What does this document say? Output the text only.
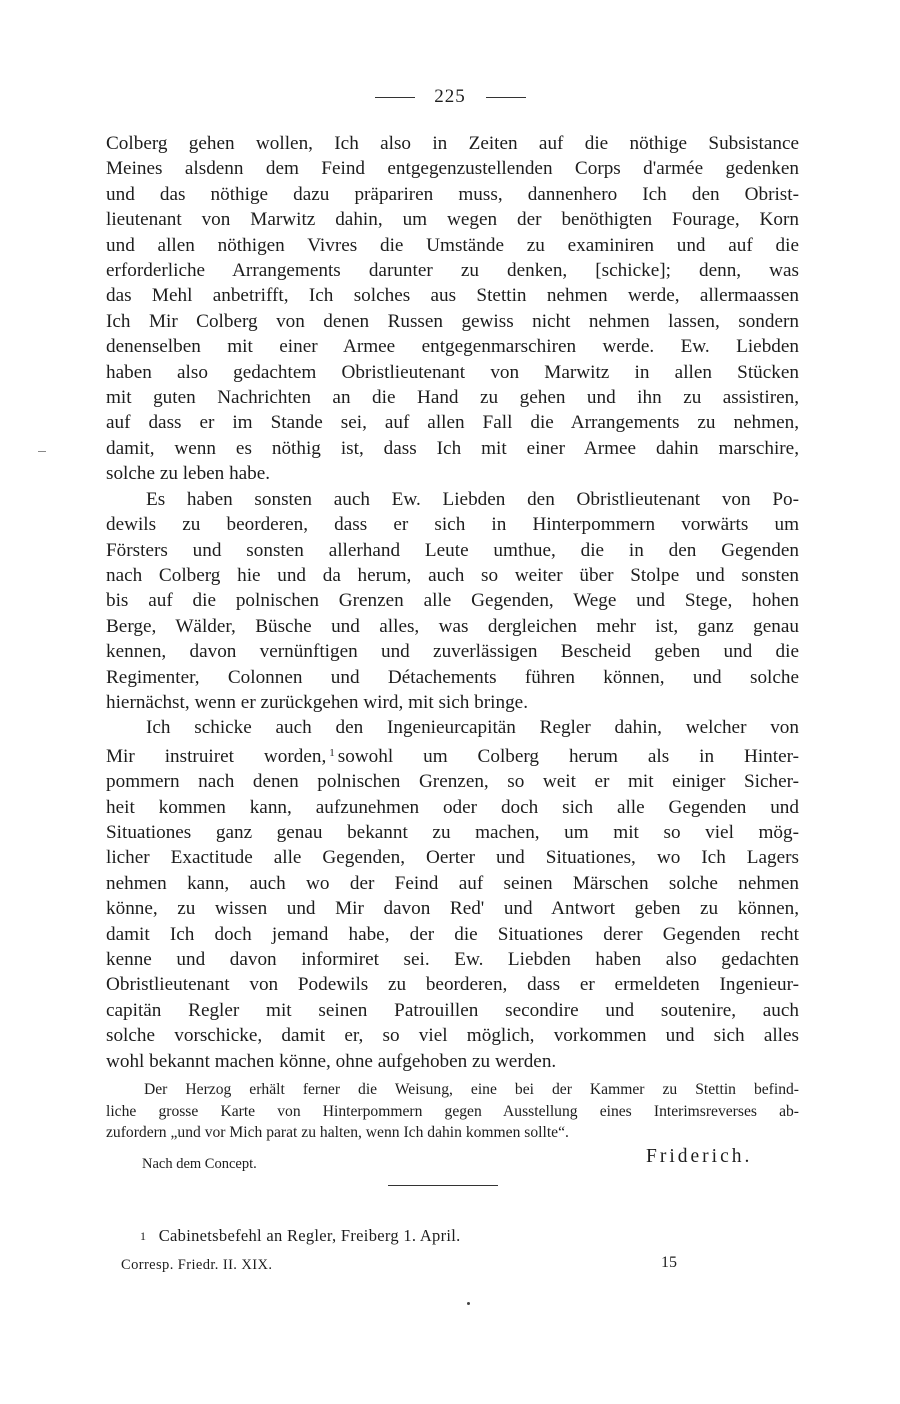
225

Colberg gehen wollen, Ich also in Zeiten auf die nöthige Subsistance
Meines alsdenn dem Feind entgegenzustellenden Corps d'armée gedenken
und das nöthige dazu präpariren muss, dannenhero Ich den Obrist-
lieutenant von Marwitz dahin, um wegen der benöthigten Fourage, Korn
und allen nöthigen Vivres die Umstände zu examiniren und auf die
erforderliche Arrangements darunter zu denken, [schicke]; denn, was
das Mehl anbetrifft, Ich solches aus Stettin nehmen werde, allermaassen
Ich Mir Colberg von denen Russen gewiss nicht nehmen lassen, sondern
denenselben mit einer Armee entgegenmarschiren werde. Ew. Liebden
haben also gedachtem Obristlieutenant von Marwitz in allen Stücken
mit guten Nachrichten an die Hand zu gehen und ihn zu assistiren,
auf dass er im Stande sei, auf allen Fall die Arrangements zu nehmen,
damit, wenn es nöthig ist, dass Ich mit einer Armee dahin marschire,
solche zu leben habe.

Es haben sonsten auch Ew. Liebden den Obristlieutenant von Po-
dewils zu beorderen, dass er sich in Hinterpommern vorwärts um
Försters und sonsten allerhand Leute umthue, die in den Gegenden
nach Colberg hie und da herum, auch so weiter über Stolpe und sonsten
bis auf die polnischen Grenzen alle Gegenden, Wege und Stege, hohen
Berge, Wälder, Büsche und alles, was dergleichen mehr ist, ganz genau
kennen, davon vernünftigen und zuverlässigen Bescheid geben und die
Regimenter, Colonnen und Détachements führen können, und solche
hiernächst, wenn er zurückgehen wird, mit sich bringe.

Ich schicke auch den Ingenieurcapitän Regler dahin, welcher von
Mir instruiret worden, $^1$ sowohl um Colberg herum als in Hinter-
pommern nach denen polnischen Grenzen, so weit er mit einiger Sicher-
heit kommen kann, aufzunehmen oder doch sich alle Gegenden und
Situationes ganz genau bekannt zu machen, um mit so viel mög-
licher Exactitude alle Gegenden, Oerter und Situationes, wo Ich Lagers
nehmen kann, auch wo der Feind auf seinen Märschen solche nehmen
könne, zu wissen und Mir davon Red' und Antwort geben zu können,
damit Ich doch jemand habe, der die Situationes derer Gegenden recht
kenne und davon informiret sei. Ew. Liebden haben also gedachten
Obristlieutenant von Podewils zu beorderen, dass er ermeldeten Ingenieur-
capitän Regler mit seinen Patrouillen secondire und soutenire, auch
solche vorschicke, damit er, so viel möglich, vorkommen und sich alles
wohl bekannt machen könne, ohne aufgehoben zu werden.

Der Herzog erhält ferner die Weisung, eine bei der Kammer zu Stettin befind-
liche grosse Karte von Hinterpommern gegen Ausstellung eines Interimsreverses ab-
zufordern „und vor Mich parat zu halten, wenn Ich dahin kommen sollte“.
Nach dem Concept.	Friderich.
1 Cabinetsbefehl an Regler, Freiberg 1. April.
Corresp. Friedr. II. XIX.	15
